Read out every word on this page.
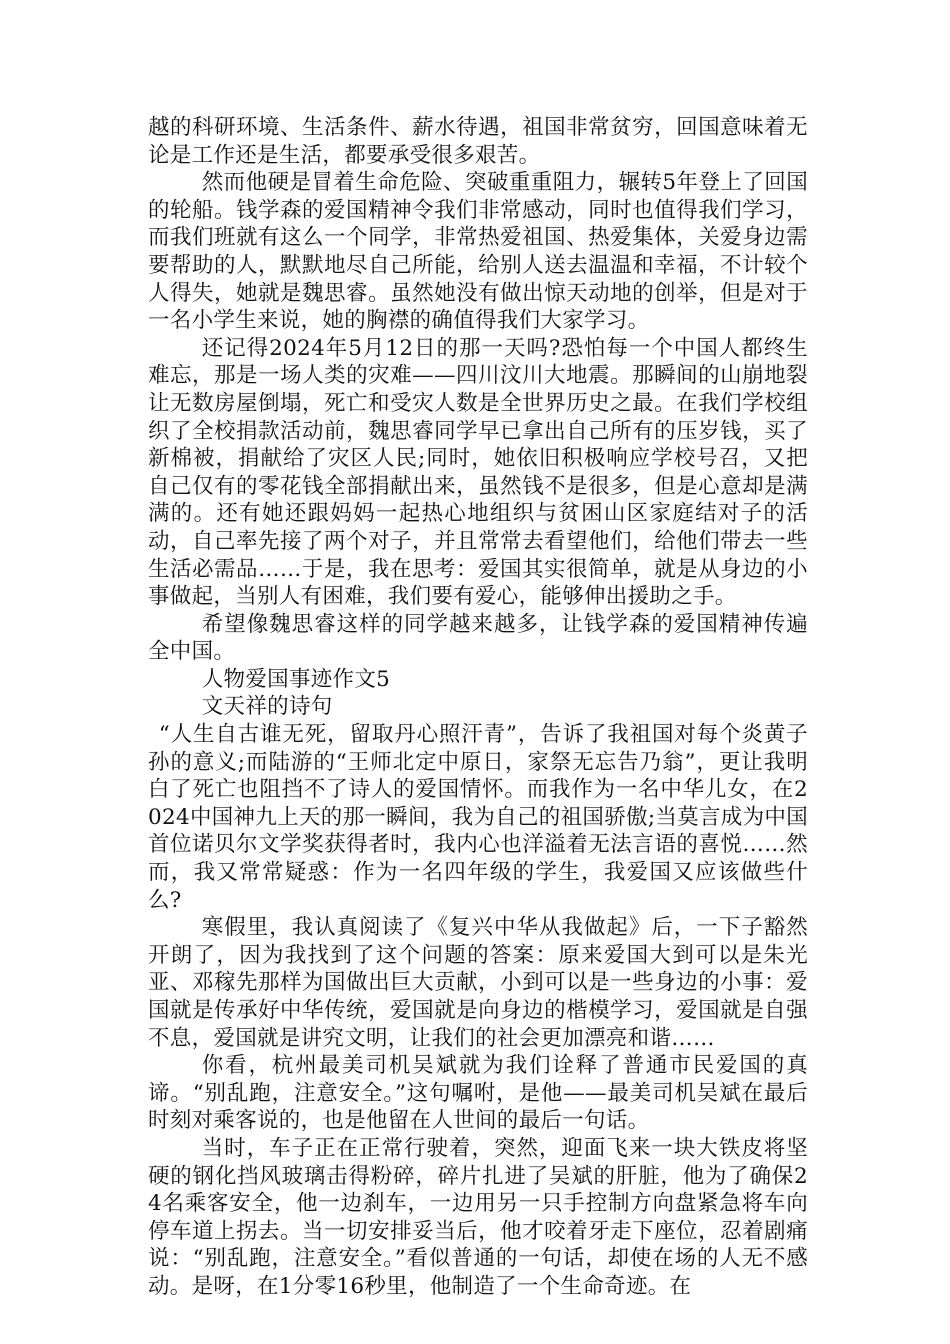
越的科研环境、生活条件、薪水待遇，祖国非常贫穷，回国意味着无论是工作还是生活，都要承受很多艰苦。

然而他硬是冒着生命危险、突破重重阻力，辗转5年登上了回国的轮船。钱学森的爱国精神令我们非常感动，同时也值得我们学习，而我们班就有这么一个同学，非常热爱祖国、热爱集体，关爱身边需要帮助的人，默默地尽自己所能，给别人送去温温和幸福，不计较个人得失，她就是魏思睿。虽然她没有做出惊天动地的创举，但是对于一名小学生来说，她的胸襟的确值得我们大家学习。

还记得2024年5月12日的那一天吗?恐怕每一个中国人都终生难忘，那是一场人类的灾难——四川汶川大地震。那瞬间的山崩地裂让无数房屋倒塌，死亡和受灾人数是全世界历史之最。在我们学校组织了全校捐款活动前，魏思睿同学早已拿出自己所有的压岁钱，买了新棉被，捐献给了灾区人民;同时，她依旧积极响应学校号召，又把自己仅有的零花钱全部捐献出来，虽然钱不是很多，但是心意却是满满的。还有她还跟妈妈一起热心地组织与贫困山区家庭结对子的活动，自己率先接了两个对子，并且常常去看望他们，给他们带去一些生活必需品……于是，我在思考：爱国其实很简单，就是从身边的小事做起，当别人有困难，我们要有爱心，能够伸出援助之手。

希望像魏思睿这样的同学越来越多，让钱学森的爱国精神传遍全中国。

人物爱国事迹作文5

文天祥的诗句

“人生自古谁无死，留取丹心照汗青”，告诉了我祖国对每个炎黄子孙的意义;而陆游的“王师北定中原日，家祭无忘告乃翁”，更让我明白了死亡也阻挡不了诗人的爱国情怀。而我作为一名中华儿女，在2024中国神九上天的那一瞬间，我为自己的祖国骄傲;当莫言成为中国首位诺贝尔文学奖获得者时，我内心也洋溢着无法言语的喜悦……然而，我又常常疑惑：作为一名四年级的学生，我爱国又应该做些什么?

寒假里，我认真阅读了《复兴中华从我做起》后，一下子豁然开朗了，因为我找到了这个问题的答案：原来爱国大到可以是朱光亚、邓稼先那样为国做出巨大贡献，小到可以是一些身边的小事：爱国就是传承好中华传统，爱国就是向身边的楷模学习，爱国就是自强不息，爱国就是讲究文明，让我们的社会更加漂亮和谐……

你看，杭州最美司机吴斌就为我们诠释了普通市民爱国的真谛。“别乱跑，注意安全。”这句嘱咐，是他——最美司机吴斌在最后时刻对乘客说的，也是他留在人世间的最后一句话。

当时，车子正在正常行驶着，突然，迎面飞来一块大铁皮将坚硬的钢化挡风玻璃击得粉碎，碎片扎进了吴斌的肝脏，他为了确保24名乘客安全，他一边刹车，一边用另一只手控制方向盘紧急将车向停车道上拐去。当一切安排妥当后，他才咬着牙走下座位，忍着剧痛说：“别乱跑，注意安全。”看似普通的一句话，却使在场的人无不感动。是呀，在1分零16秒里，他制造了一个生命奇迹。在
